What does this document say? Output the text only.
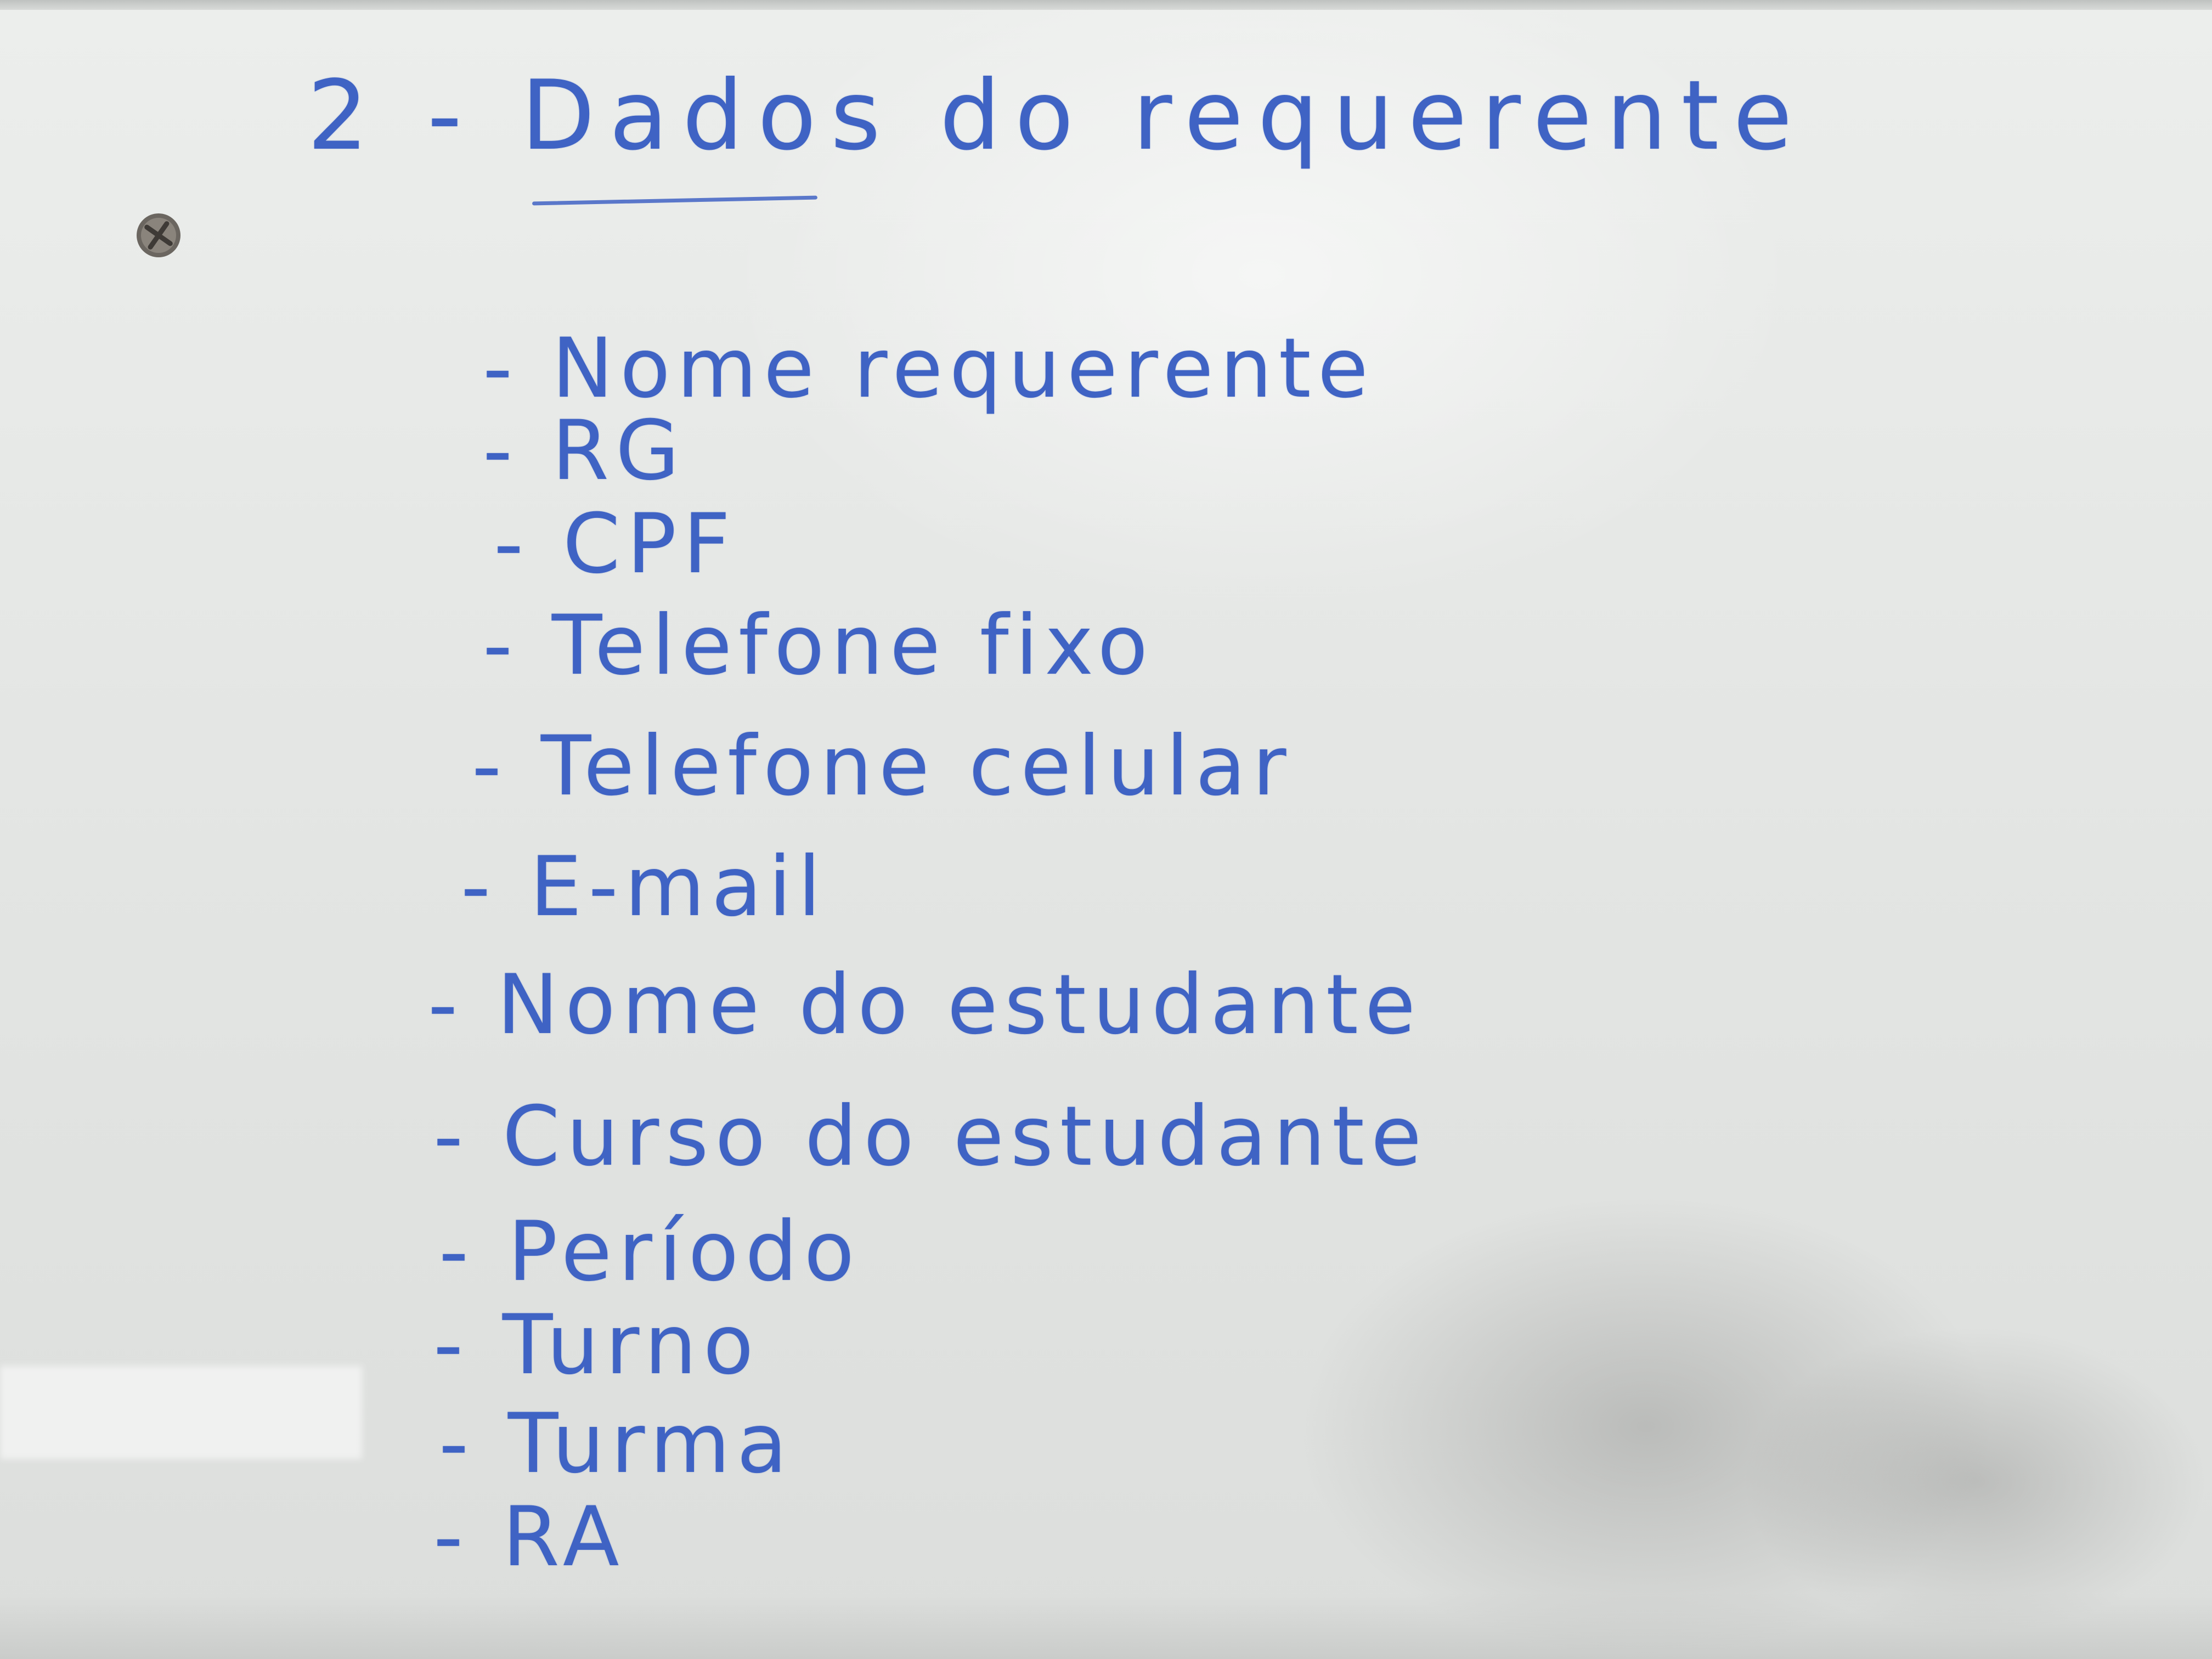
2 - Dados do requerente
- Nome requerente
- RG
- CPF
- Telefone fixo
- Telefone celular
- E-mail
- Nome do estudante
- Curso do estudante
- Período
- Turno
- Turma
- RA
